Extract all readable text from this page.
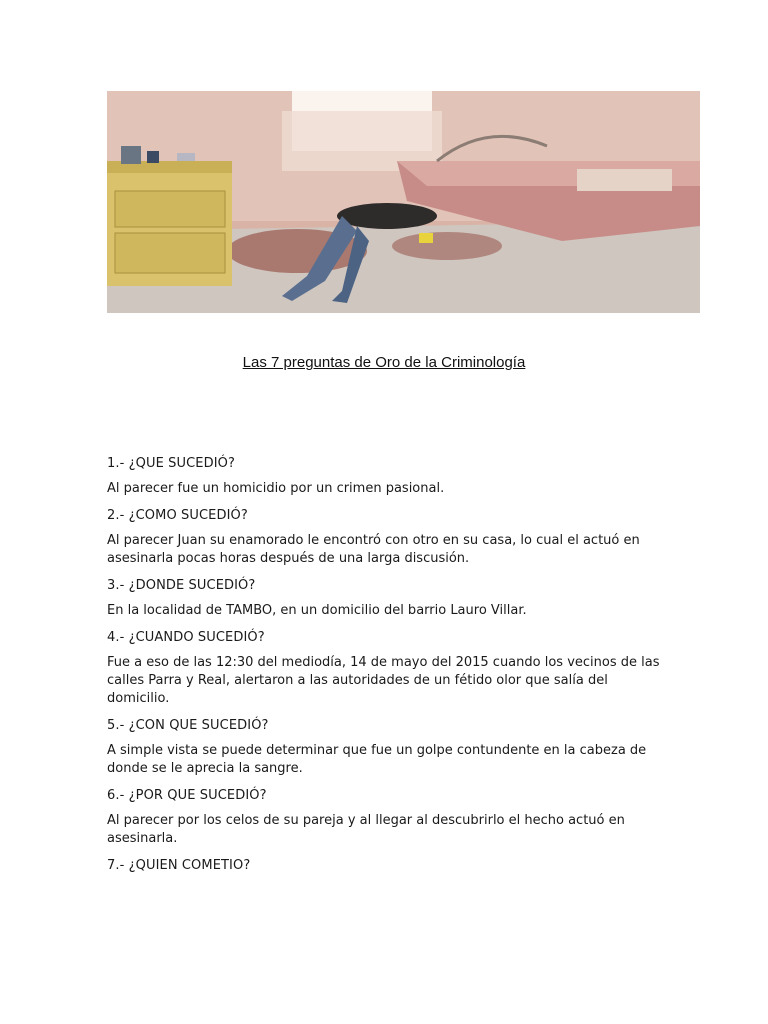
Las 7 preguntas de Oro de la Criminología

1.- ¿QUE SUCEDIÓ?

Al parecer fue un homicidio por un crimen pasional.

2.- ¿COMO SUCEDIÓ?

Al parecer Juan su enamorado le encontró con otro en su casa, lo cual el actuó en asesinarla pocas horas después de una larga discusión.

3.- ¿DONDE SUCEDIÓ?

En la localidad de TAMBO, en un domicilio del barrio Lauro Villar.

4.- ¿CUANDO SUCEDIÓ?

Fue a eso de las 12:30 del mediodía, 14 de mayo del 2015 cuando los vecinos de las calles Parra y Real, alertaron a las autoridades de un fétido olor que salía del domicilio.

5.- ¿CON QUE SUCEDIÓ?

A simple vista se puede determinar que fue un golpe contundente en la cabeza de donde se le aprecia la sangre.

6.- ¿POR QUE SUCEDIÓ?

Al parecer por los celos de su pareja y al llegar al descubrirlo el hecho actuó en asesinarla.

7.- ¿QUIEN COMETIO?
